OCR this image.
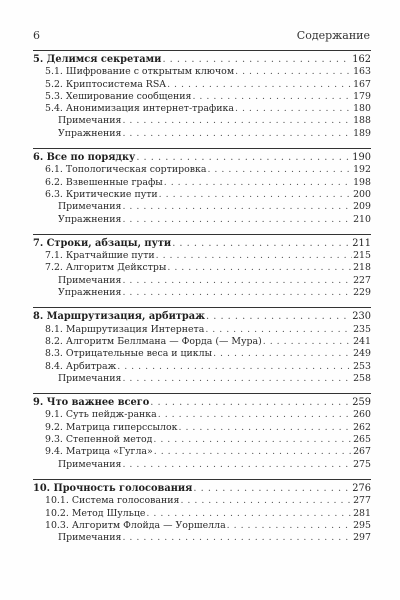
6	Содержание
5. Делимся секретами . . .	162
5.1. Шифрование с открытым ключом . . .	163
5.2. Криптосистема RSA . . .	167
5.3. Хеширование сообщения . . .	179
5.4. Анонимизация интернет-трафика . . .	180
Примечания . . .	188
Упражнения . . .	189
6. Все по порядку . . .	190
6.1. Топологическая сортировка . . .	192
6.2. Взвешенные графы . . .	198
6.3. Критические пути . . .	200
Примечания . . .	209
Упражнения . . .	210
7. Строки, абзацы, пути . . .	211
7.1. Кратчайшие пути . . .	215
7.2. Алгоритм Дейкстры . . .	218
Примечания . . .	227
Упражнения . . .	229
8. Маршрутизация, арбитраж . . .	230
8.1. Маршрутизация Интернета . . .	235
8.2. Алгоритм Беллмана — Форда (— Мура) . . .	241
8.3. Отрицательные веса и циклы . . .	249
8.4. Арбитраж . . .	253
Примечания . . .	258
9. Что важнее всего . . .	259
9.1. Суть пейдж-ранка . . .	260
9.2. Матрица гиперссылок . . .	262
9.3. Степенной метод . . .	265
9.4. Матрица «Гугла» . . .	267
Примечания . . .	275
10. Прочность голосования . . .	276
10.1. Система голосования . . .	277
10.2. Метод Шульце . . .	281
10.3. Алгоритм Флойда — Уоршелла . . .	295
Примечания . . .	297
